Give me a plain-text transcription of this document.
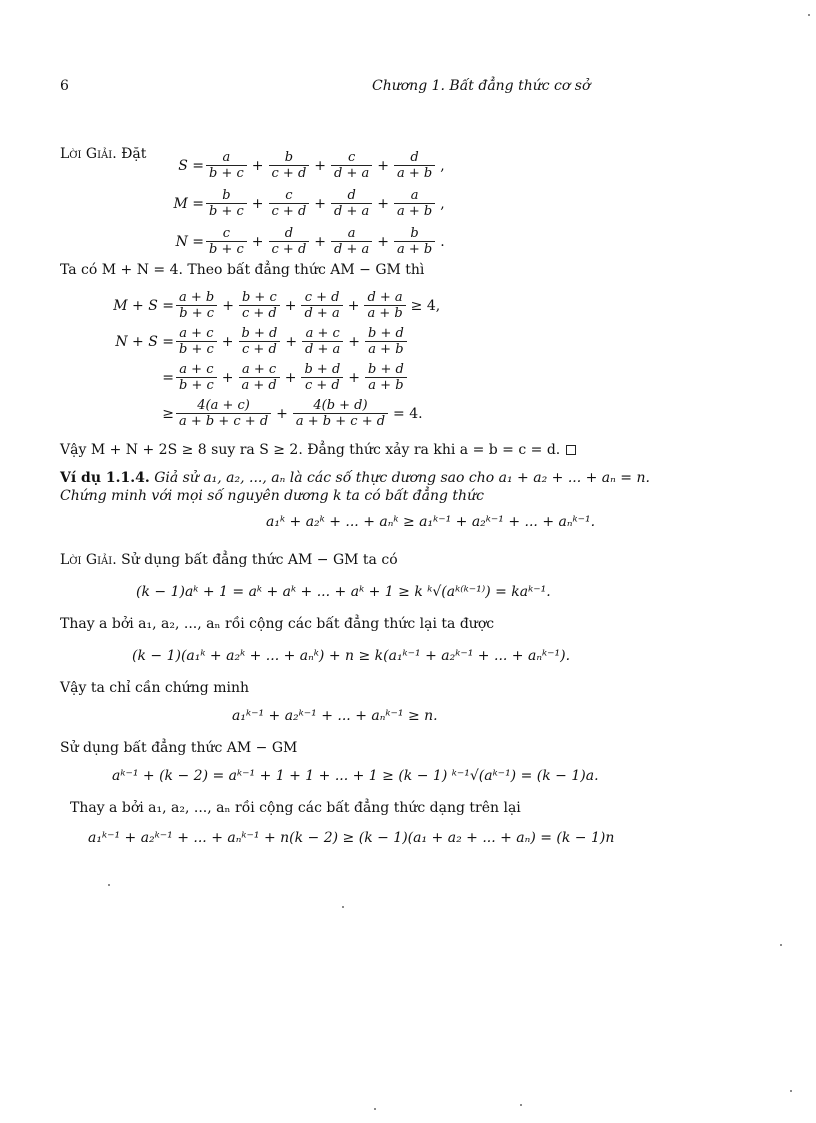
6	Chương 1. Bất đẳng thức cơ sở
Lời Giải. Đặt
$S = \frac{a}{b + c} + \frac{b}{c + d} + \frac{c}{d + a} + \frac{d}{a + b}$ ,
$M = \frac{b}{b + c} + \frac{c}{c + d} + \frac{d}{d + a} + \frac{a}{a + b}$ ,
$N = \frac{c}{b + c} + \frac{d}{c + d} + \frac{a}{d + a} + \frac{b}{a + b}$ .
Ta có M + N = 4. Theo bất đẳng thức AM − GM thì
$M + S = \frac{a + b}{b + c} + \frac{b + c}{c + d} + \frac{c + d}{d + a} + \frac{d + a}{a + b} \ge 4$,
$N + S = \frac{a + c}{b + c} + \frac{b + d}{c + d} + \frac{a + c}{d + a} + \frac{b + d}{a + b}$
= $\frac{a + c}{b + c} + \frac{a + c}{a + d} + \frac{b + d}{c + d} + \frac{b + d}{a + b}$
≥ $\frac{4(a + c)}{a + b + c + d} + \frac{4(b + d)}{a + b + c + d} = 4$.
Vậy M + N + 2S ≥ 8 suy ra S ≥ 2. Đẳng thức xảy ra khi a = b = c = d.
Ví dụ 1.1.4. Giả sử a₁, a₂, ..., aₙ là các số thực dương sao cho a₁ + a₂ + ... + aₙ = n.
Chứng minh với mọi số nguyên dương k ta có bất đẳng thức
a₁ᵏ + a₂ᵏ + ... + aₙᵏ ≥ a₁ᵏ⁻¹ + a₂ᵏ⁻¹ + ... + aₙᵏ⁻¹.
Lời Giải. Sử dụng bất đẳng thức AM − GM ta có
(k − 1)aᵏ + 1 = aᵏ + aᵏ + ... + aᵏ + 1 ≥ k ᵏ√(aᵏ⁽ᵏ⁻¹⁾) = kaᵏ⁻¹.
Thay a bởi a₁, a₂, ..., aₙ rồi cộng các bất đẳng thức lại ta được
(k − 1)(a₁ᵏ + a₂ᵏ + ... + aₙᵏ) + n ≥ k(a₁ᵏ⁻¹ + a₂ᵏ⁻¹ + ... + aₙᵏ⁻¹).
Vậy ta chỉ cần chứng minh
a₁ᵏ⁻¹ + a₂ᵏ⁻¹ + ... + aₙᵏ⁻¹ ≥ n.
Sử dụng bất đẳng thức AM − GM
aᵏ⁻¹ + (k − 2) = aᵏ⁻¹ + 1 + 1 + ... + 1 ≥ (k − 1) ᵏ⁻¹√(aᵏ⁻¹) = (k − 1)a.
Thay a bởi a₁, a₂, ..., aₙ rồi cộng các bất đẳng thức dạng trên lại
a₁ᵏ⁻¹ + a₂ᵏ⁻¹ + ... + aₙᵏ⁻¹ + n(k − 2) ≥ (k − 1)(a₁ + a₂ + ... + aₙ) = (k − 1)n
